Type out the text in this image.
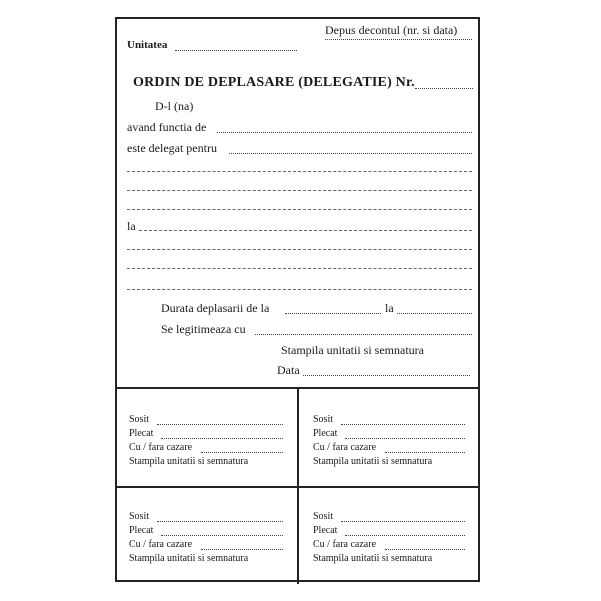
Depus decontul (nr. si data)
Unitatea
ORDIN DE DEPLASARE (DELEGATIE) Nr.
D-l (na)
avand functia de
este delegat pentru
la
Durata deplasarii de la	la
Se legitimeaza cu
Stampila unitatii si semnatura
Data
Sosit
Plecat
Cu / fara cazare
Stampila unitatii si semnatura
Sosit
Plecat
Cu / fara cazare
Stampila unitatii si semnatura
Sosit
Plecat
Cu / fara cazare
Stampila unitatii si semnatura
Sosit
Plecat
Cu / fara cazare
Stampila unitatii si semnatura
